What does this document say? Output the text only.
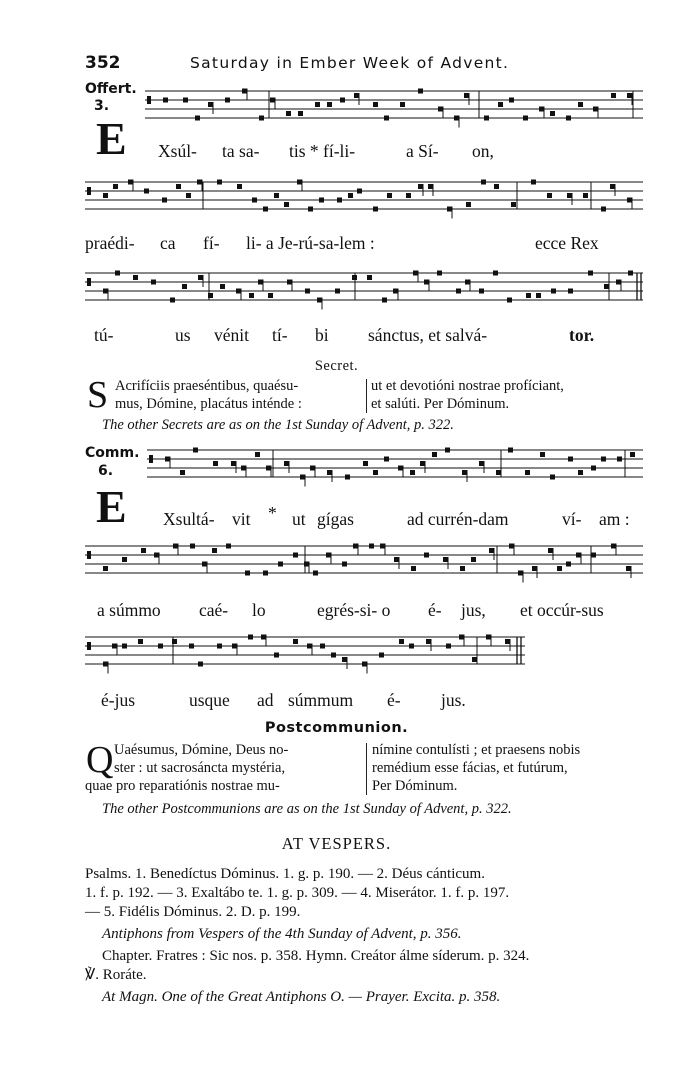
352	Saturday in Ember Week of Advent.
Offert.
3.
E Xsúl- ta sa- tis * fí-li-	a Sí- on,
praédi- ca fí- li- a Je-rú-sa-lem :	ecce Rex
tú-	us vénit tí- bi sánctus, et salvá-	tor.
Secret.
S Acrifíciis praeséntibus, quaésu-
mus, Dómine, placátus inténde :
ut et devotióni nostrae profíciant,
et salúti. Per Dóminum.
The other Secrets are as on the 1st Sunday of Advent, p. 322.
Comm.
6.
E Xsultá- vit * ut gígas	ad currén-dam	ví- am :
a súmmo caé- lo	egrés-si- o é- jus, et occúr-sus
é-jus	usque ad súmmum é- jus.
Postcommunion.
Q Uaésumus, Dómine, Deus no-
ster : ut sacrosáncta mystéria,
quae pro reparatiónis nostrae mu-
nímine contulísti ; et praesens nobis
remédium esse fácias, et futúrum,
Per Dóminum.
The other Postcommunions are as on the 1st Sunday of Advent, p. 322.
AT VESPERS.
Psalms. 1. Benedíctus Dóminus. 1. g. p. 190. — 2. Déus cánticum.
1. f. p. 192. — 3. Exaltábo te. 1. g. p. 309. — 4. Miserátor. 1. f. p. 197.
— 5. Fidélis Dóminus. 2. D. p. 199.
Antiphons from Vespers of the 4th Sunday of Advent, p. 356.
Chapter. Fratres : Sic nos. p. 358. Hymn. Creátor álme síderum. p. 324.
℣. Roráte.
At Magn. One of the Great Antiphons O. — Prayer. Excita. p. 358.
